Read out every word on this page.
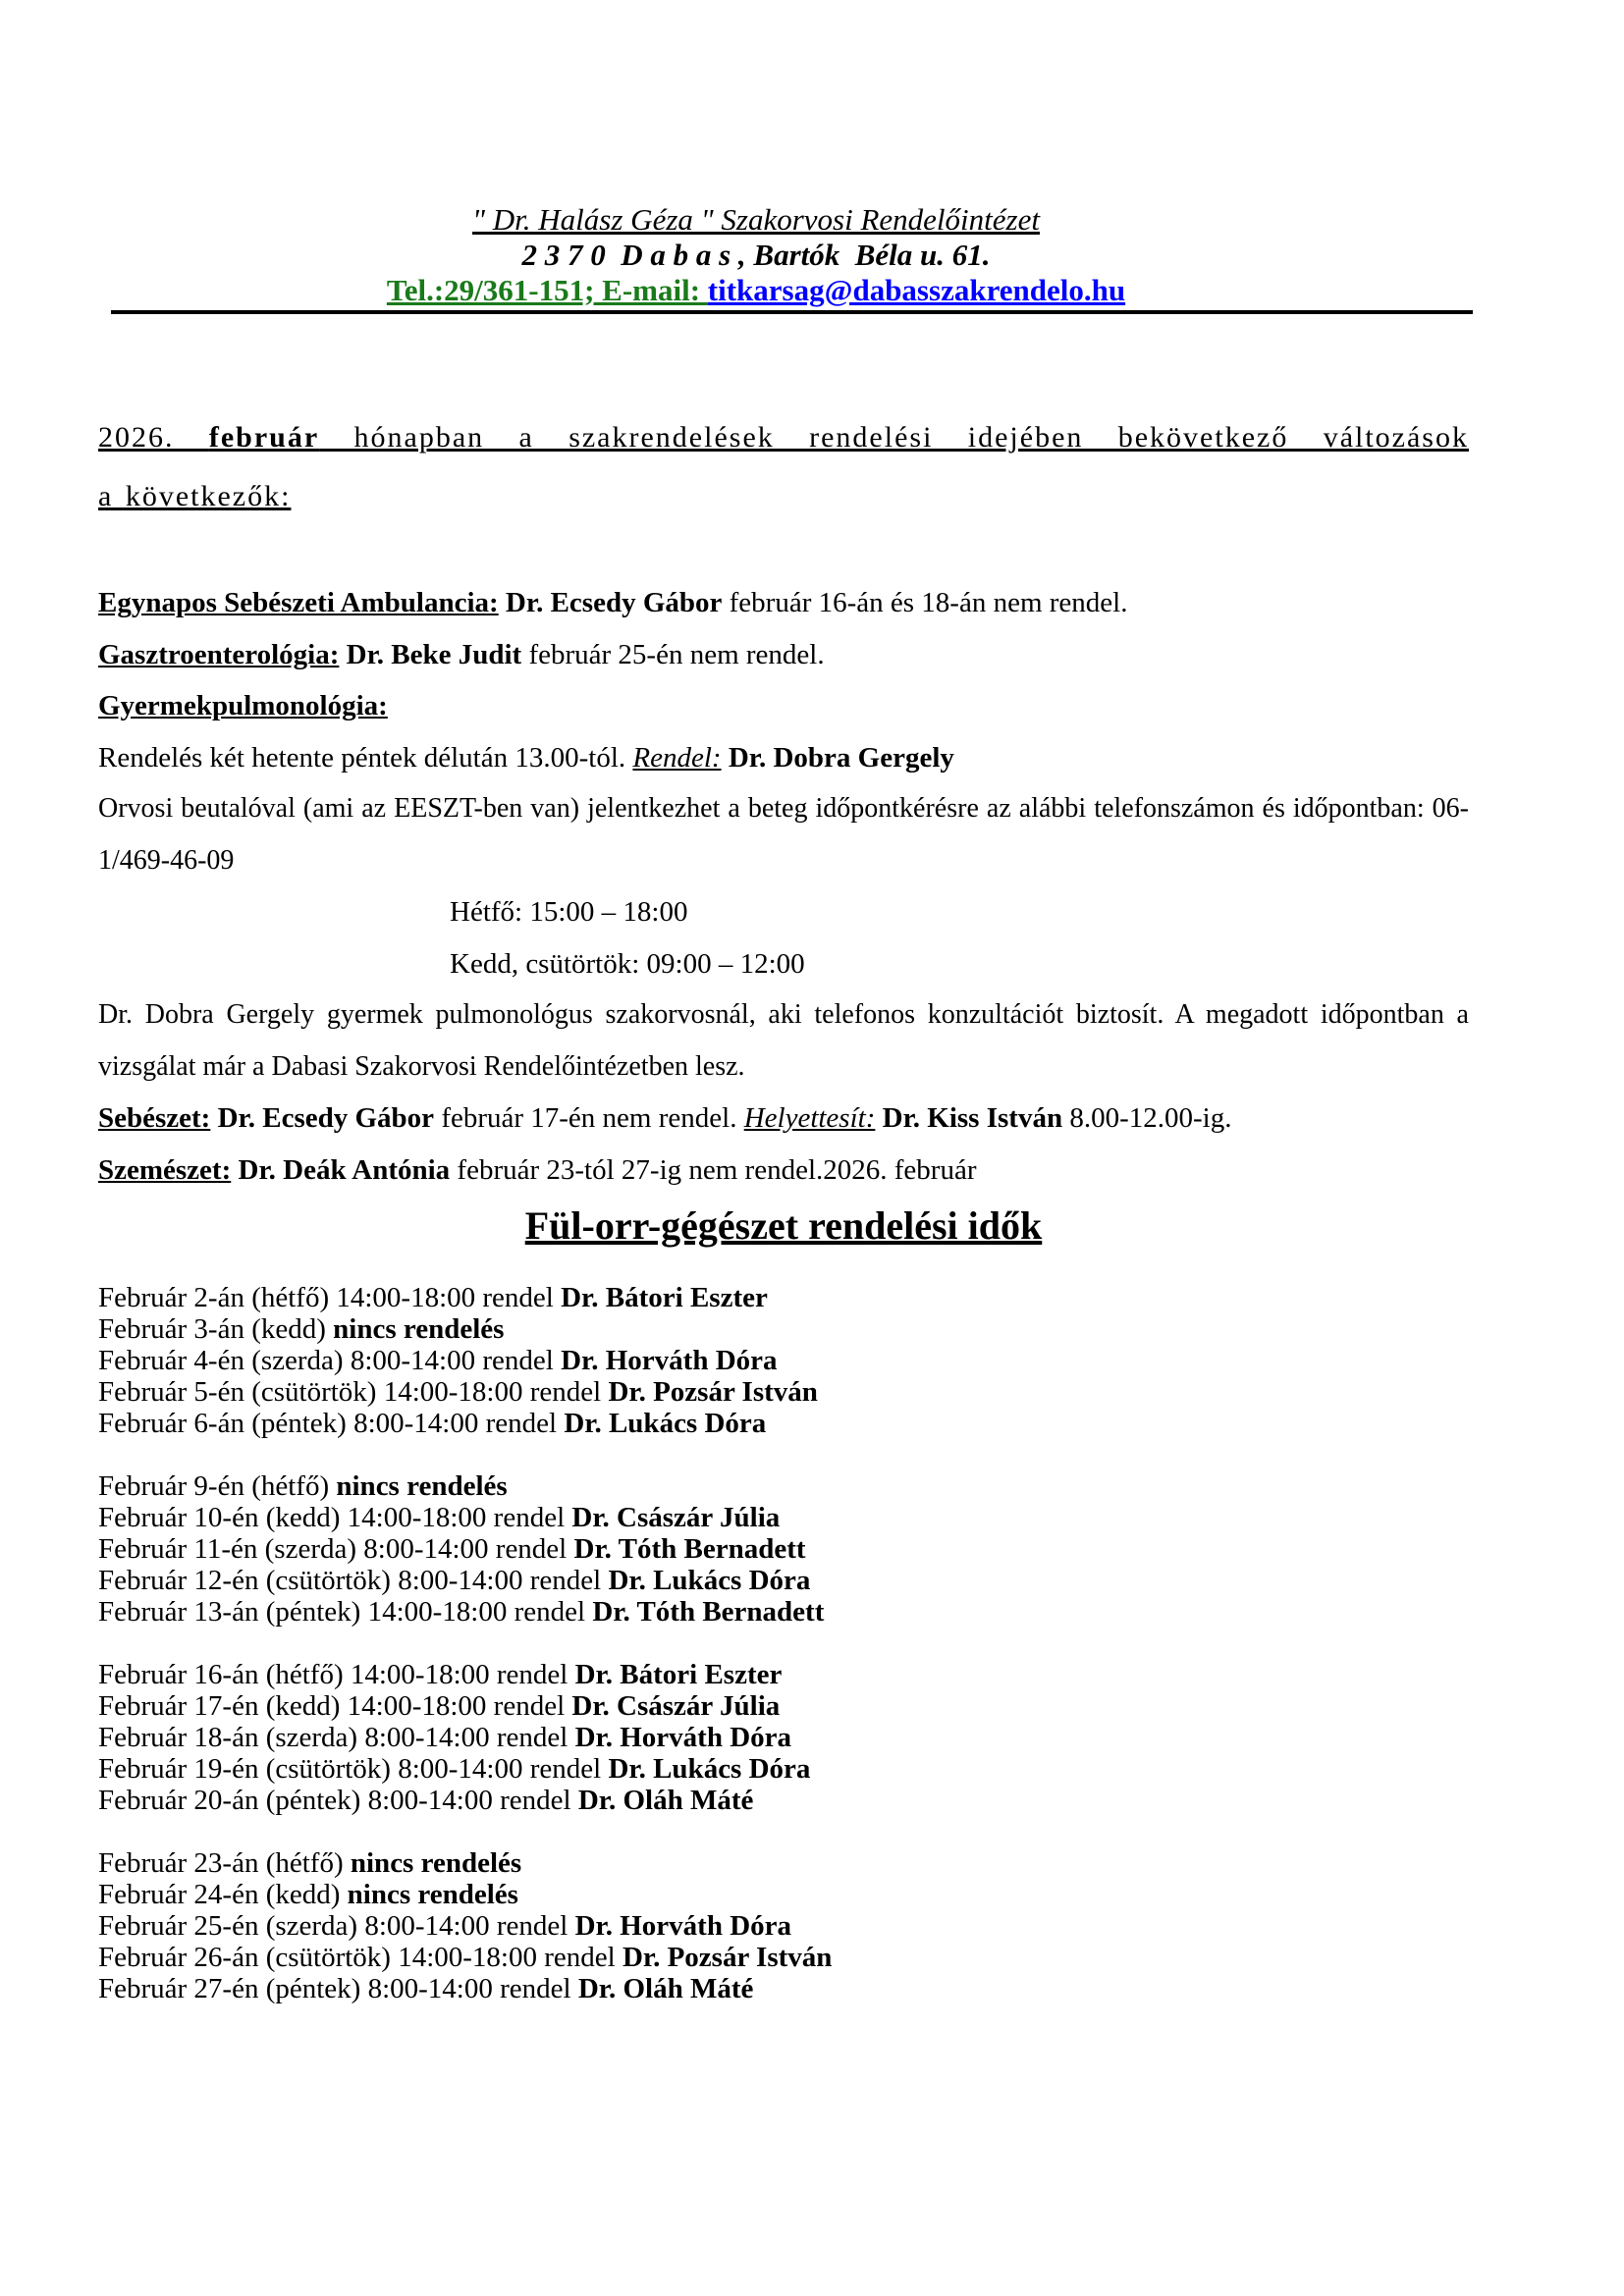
" Dr. Halász Géza " Szakorvosi Rendelőintézet
2 3 7 0  D a b a s , Bartók  Béla u. 61.
Tel.:29/361-151; E-mail: titkarsag@dabasszakrendelo.hu
2026. február hónapban a szakrendelések rendelési idejében bekövetkező változások
a következők:
Egynapos Sebészeti Ambulancia: Dr. Ecsedy Gábor február 16-án és 18-án nem rendel.
Gasztroenterológia: Dr. Beke Judit február 25-én nem rendel.
Gyermekpulmonológia:
Rendelés két hetente péntek délután 13.00-tól. Rendel: Dr. Dobra Gergely
Orvosi beutalóval (ami az EESZT-ben van) jelentkezhet a beteg időpontkérésre az alábbi telefonszámon és időpontban: 06-
1/469-46-09
Hétfő: 15:00 – 18:00
Kedd, csütörtök: 09:00 – 12:00
Dr. Dobra Gergely gyermek pulmonológus szakorvosnál, aki telefonos konzultációt biztosít. A megadott időpontban a
vizsgálat már a Dabasi Szakorvosi Rendelőintézetben lesz.
Sebészet: Dr. Ecsedy Gábor február 17-én nem rendel. Helyettesít: Dr. Kiss István 8.00-12.00-ig.
Szemészet: Dr. Deák Antónia február 23-tól 27-ig nem rendel.2026. február
Fül-orr-gégészet rendelési idők
Február 2-án (hétfő) 14:00-18:00 rendel Dr. Bátori Eszter
Február 3-án (kedd) nincs rendelés
Február 4-én (szerda) 8:00-14:00 rendel Dr. Horváth Dóra
Február 5-én (csütörtök) 14:00-18:00 rendel Dr. Pozsár István
Február 6-án (péntek) 8:00-14:00 rendel Dr. Lukács Dóra
Február 9-én (hétfő) nincs rendelés
Február 10-én (kedd) 14:00-18:00 rendel Dr. Császár Júlia
Február 11-én (szerda) 8:00-14:00 rendel Dr. Tóth Bernadett
Február 12-én (csütörtök) 8:00-14:00 rendel Dr. Lukács Dóra
Február 13-án (péntek) 14:00-18:00 rendel Dr. Tóth Bernadett
Február 16-án (hétfő) 14:00-18:00 rendel Dr. Bátori Eszter
Február 17-én (kedd) 14:00-18:00 rendel Dr. Császár Júlia
Február 18-án (szerda) 8:00-14:00 rendel Dr. Horváth Dóra
Február 19-én (csütörtök) 8:00-14:00 rendel Dr. Lukács Dóra
Február 20-án (péntek) 8:00-14:00 rendel Dr. Oláh Máté
Február 23-án (hétfő) nincs rendelés
Február 24-én (kedd) nincs rendelés
Február 25-én (szerda) 8:00-14:00 rendel Dr. Horváth Dóra
Február 26-án (csütörtök) 14:00-18:00 rendel Dr. Pozsár István
Február 27-én (péntek) 8:00-14:00 rendel Dr. Oláh Máté
